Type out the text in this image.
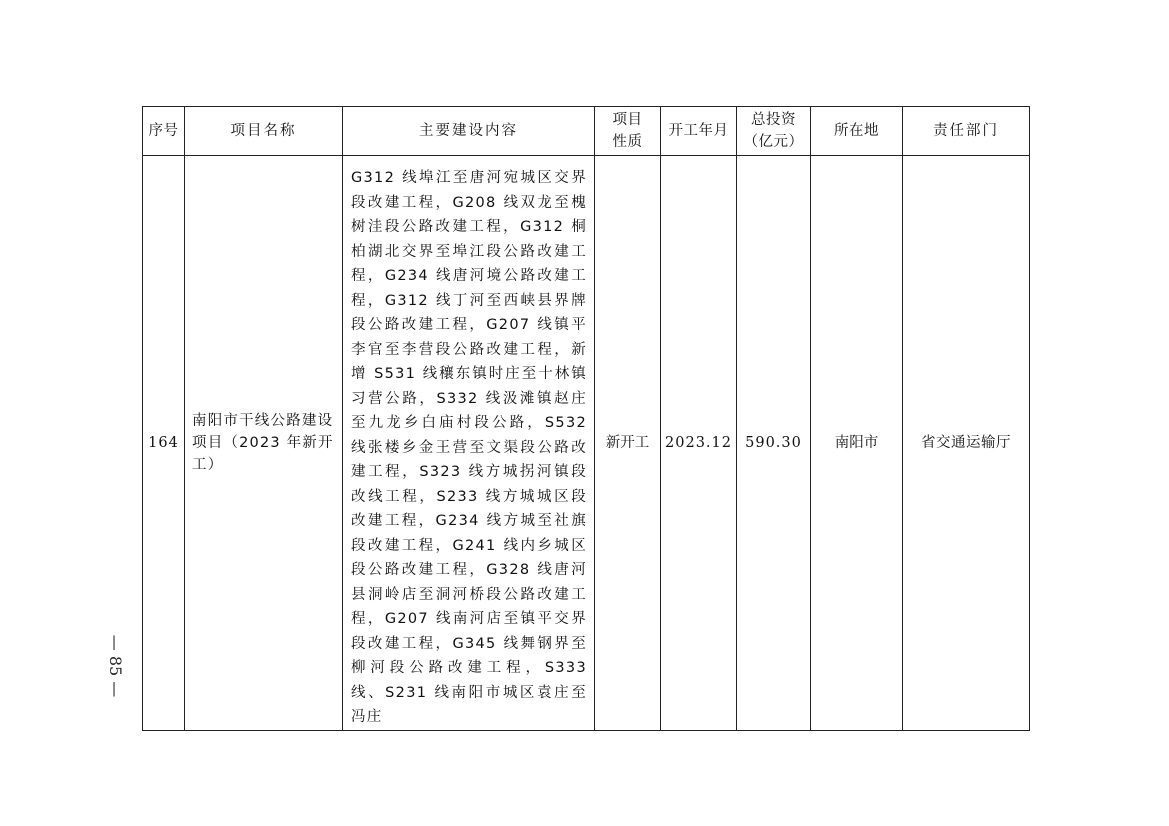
序号	项目名称	主要建设内容	项目性质	开工年月	总投资（亿元）	所在地	责任部门
164	南阳市干线公路建设项目（2023 年新开工）	G312 线埠江至唐河宛城区交界段改建工程，G208 线双龙至槐树洼段公路改建工程，G312 桐柏湖北交界至埠江段公路改建工程，G234 线唐河境公路改建工程，G312 线丁河至西峡县界牌段公路改建工程，G207 线镇平李官至李营段公路改建工程，新增 S531 线穰东镇时庄至十林镇习营公路，S332 线汲滩镇赵庄至九龙乡白庙村段公路，S532 线张楼乡金王营至文渠段公路改建工程，S323 线方城拐河镇段改线工程，S233 线方城城区段改建工程，G234 线方城至社旗段改建工程，G241 线内乡城区段公路改建工程，G328 线唐河县洞岭店至洞河桥段公路改建工程，G207 线南河店至镇平交界段改建工程，G345 线舞钢界至柳河段公路改建工程，S333 线、S231 线南阳市城区袁庄至冯庄	新开工	2023.12	590.30	南阳市	省交通运输厅
— 85 —
